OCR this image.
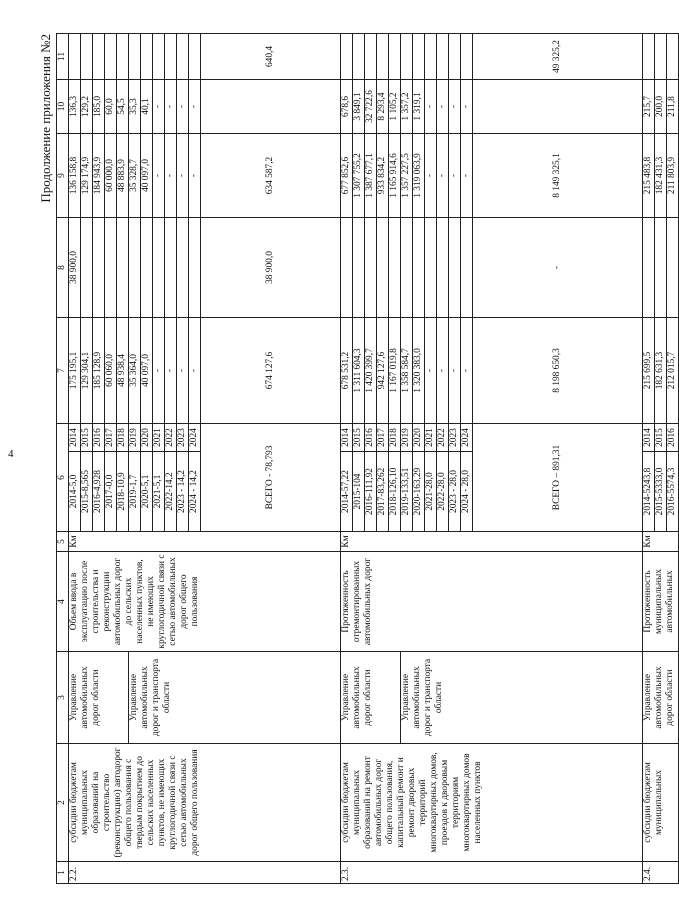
4
Продолжение приложения №2
1	2	3	4	5	6		7	8	9	10	11
2.2.	субсидии бюджетам муниципальных образований на строительство (реконструкцию) автодорог общего пользования с твердым покрытием до сельских населенных пунктов, не имеющих круглогодичной связи с сетью автомобильных дорог общего пользования	Управление автомобильных дорог области	Объем ввода в эксплуатацию после строительства и реконструкции автомобильных дорог до сельских населенных пунктов, не имеющих круглогодичной связи с сетью автомобильных дорог общего пользования	Км	2014-5,0	2014	175 195,1	38 900,0	136 158,8	136,3	
					2015-8,565	2015	129 304,1		129 174,9	129,2	
					2016-4,928	2016	185 128,9		184 943,9	185,0	
					2017-0,0	2017	60 060,0		60 000,0	60,0	
					2018-10,9	2018	48 938,4		48 883,9	54,5	
		Управление автомобильных дорог и транспорта области			2019-1,7	2019	35 364,0		35 328,7	35,3	
					2020-5,1	2020	40 097,0		40 097,0	40,1	
					2021-5,1	2021	-		-	-	
					2022-14,2	2022	-		-	-	
					2023 - 14,2	2023	-		-	-	
					2024 - 14,2	2024	-		-	-	
					ВСЕГО - 78,793		674 127,6	38 900,0	634 587,2		640,4
2.3.	субсидии бюджетам муниципальных образований на ремонт автомобильных дорог общего пользования, капитальный ремонт и ремонт дворовых территорий многоквартирных домов, проездов к дворовым территориям многоквартирных домов населенных пунктов	Управление автомобильных дорог области	Протяженность отремонтированных автомобильных дорог	Км	2014-57,22	2014	678 531,2		677 852,6	678,6	
					2015-104	2015	1 311 604,3		1 307 755,2	3 849,1	
					2016-111,92	2016	1 420 399,7		1 387 677,1	32 722,6	
					2017-83,262	2017	942 127,6		933 834,2	8 293,4	
					2018-126,10	2018	1 167 019,8		1 165 914,6	1 105,2	
		Управление автомобильных дорог и транспорта области			2019-133,51	2019	1 358 584,7		1 357 227,5	1 357,2	
					2020-163,29	2020	1 320 383,0		1 319 063,9	1 319,1	
					2021-28,0	2021	-		-	-	
					2022-28,0	2022	-		-	-	
					2023 - 28,0	2023	-		-	-	
					2024 - 28,0	2024	-		-	-	
					ВСЕГО – 891,31		8 198 650,3	-	8 149 325,1		49 325,2
2.4.	субсидии бюджетам муниципальных	Управление автомобильных дорог области	Протяженность муниципальных автомобильных	Км	2014-5243,8	2014	215 699,5		215 483,8	215,7	
					2015-5333,0	2015	182 631,3		182 431,3	200,0	
					2016-5574,3	2016	212 015,7		211 803,9	211,8	
